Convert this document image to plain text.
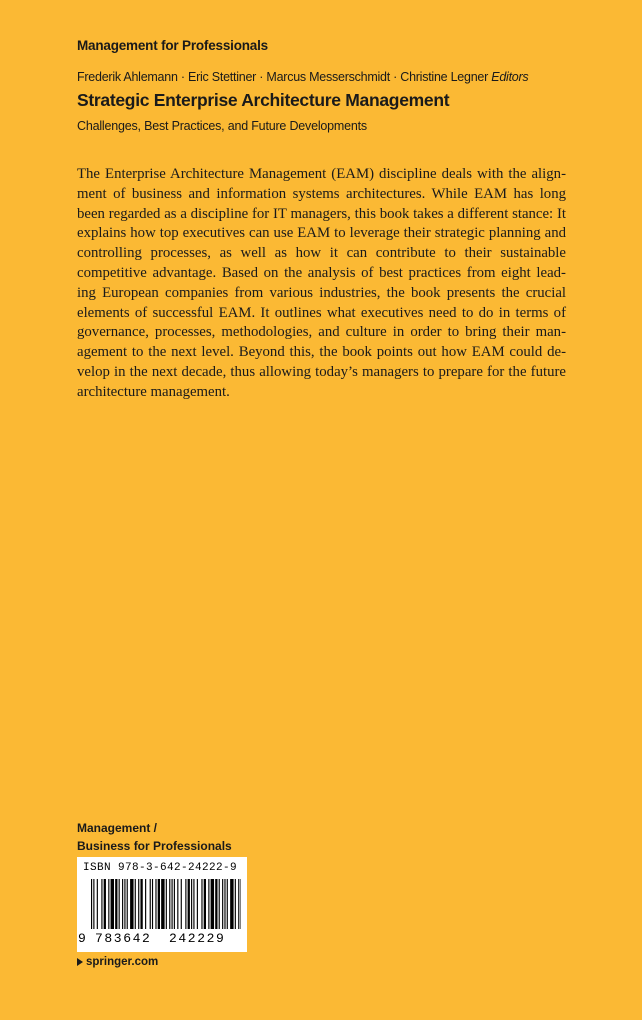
Management for Professionals
Frederik Ahlemann · Eric Stettiner · Marcus Messerschmidt · Christine Legner Editors
Strategic Enterprise Architecture Management
Challenges, Best Practices, and Future Developments

The Enterprise Architecture Management (EAM) discipline deals with the align- ment of business and information systems architectures. While EAM has long been regarded as a discipline for IT managers, this book takes a different stance: It explains how top executives can use EAM to leverage their strategic planning and controlling processes, as well as how it can contribute to their sustainable competitive advantage. Based on the analysis of best practices from eight lead- ing European companies from various industries, the book presents the crucial elements of successful EAM. It outlines what executives need to do in terms of governance, processes, methodologies, and culture in order to bring their man- agement to the next level. Beyond this, the book points out how EAM could de- velop in the next decade, thus allowing today’s managers to prepare for the future architecture management.

Management /
Business for Professionals
ISBN 978-3-642-24222-9
9 783642 242229
springer.com
